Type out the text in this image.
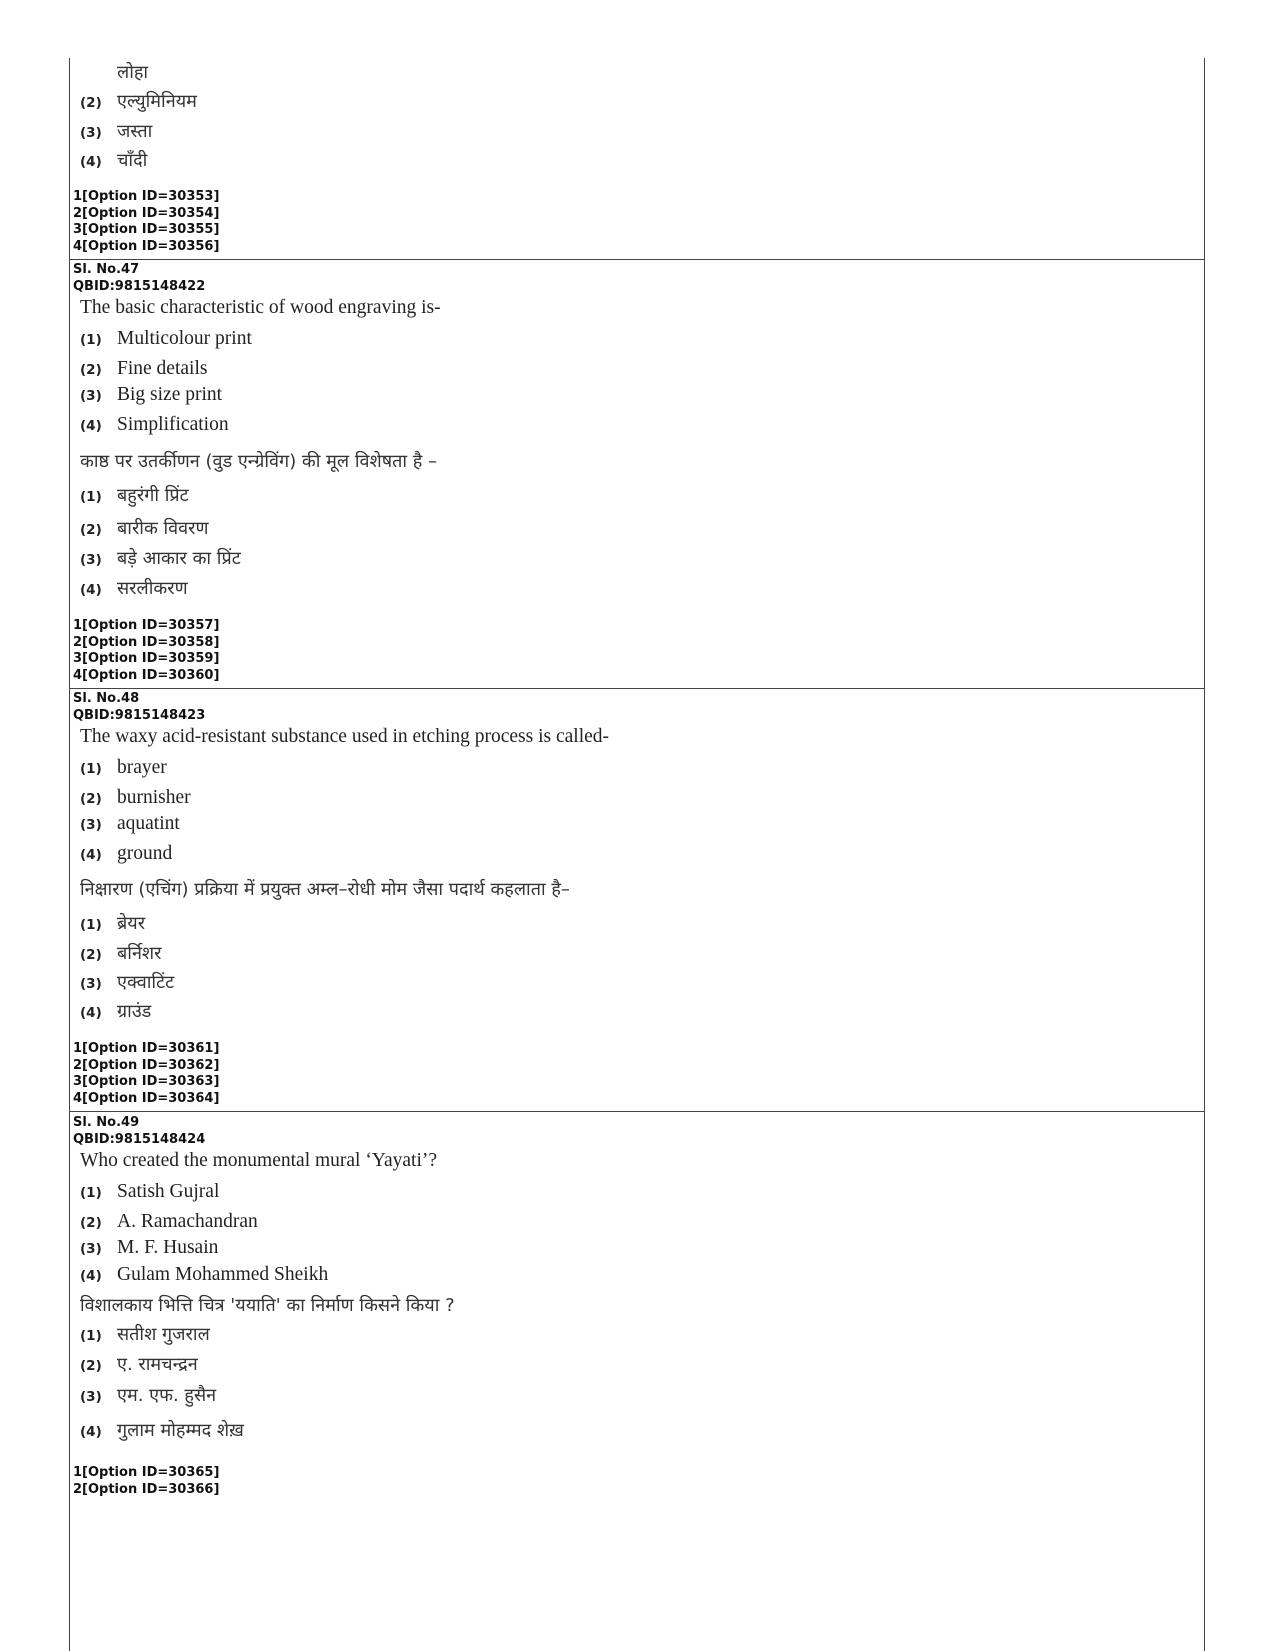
लोहा
(2) एल्युमिनियम
(3) जस्ता
(4) चाँदी
1[Option ID=30353]
2[Option ID=30354]
3[Option ID=30355]
4[Option ID=30356]
Sl. No.47
QBID:9815148422
The basic characteristic of wood engraving is-
(1) Multicolour print
(2) Fine details
(3) Big size print
(4) Simplification
काष्ठ पर उतर्कीणन (वुड एन्ग्रेविंग) की मूल विशेषता है –
(1) बहुरंगी प्रिंट
(2) बारीक विवरण
(3) बड़े आकार का प्रिंट
(4) सरलीकरण
1[Option ID=30357]
2[Option ID=30358]
3[Option ID=30359]
4[Option ID=30360]
Sl. No.48
QBID:9815148423
The waxy acid-resistant substance used in etching process is called-
(1) brayer
(2) burnisher
(3) aquatint
(4) ground
निक्षारण (एचिंग) प्रक्रिया में प्रयुक्त अम्ल–रोधी मोम जैसा पदार्थ कहलाता है–
(1) ब्रेयर
(2) बर्निशर
(3) एक्वाटिंट
(4) ग्राउंड
1[Option ID=30361]
2[Option ID=30362]
3[Option ID=30363]
4[Option ID=30364]
Sl. No.49
QBID:9815148424
Who created the monumental mural ‘Yayati’?
(1) Satish Gujral
(2) A. Ramachandran
(3) M. F. Husain
(4) Gulam Mohammed Sheikh
विशालकाय भित्ति चित्र 'ययाति' का निर्माण किसने किया ?
(1) सतीश गुजराल
(2) ए. रामचन्द्रन
(3) एम. एफ. हुसैन
(4) गुलाम मोहम्मद शेख़
1[Option ID=30365]
2[Option ID=30366]
